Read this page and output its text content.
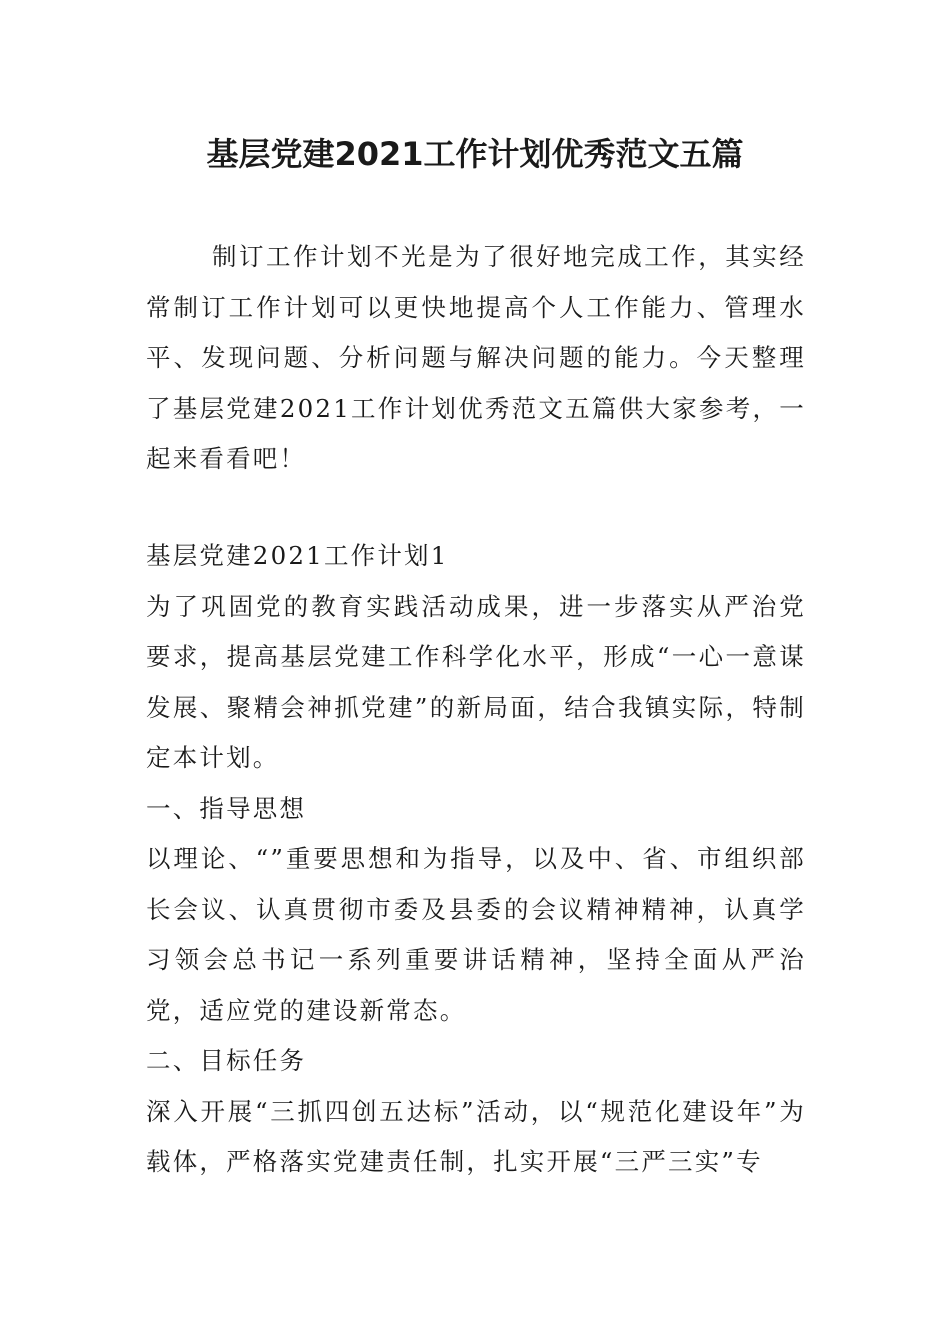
基层党建2021工作计划优秀范文五篇

制订工作计划不光是为了很好地完成工作，其实经常制订工作计划可以更快地提高个人工作能力、管理水平、发现问题、分析问题与解决问题的能力。今天整理了基层党建2021工作计划优秀范文五篇供大家参考，一起来看看吧！

基层党建2021工作计划1

为了巩固党的教育实践活动成果，进一步落实从严治党要求，提高基层党建工作科学化水平，形成“一心一意谋发展、聚精会神抓党建”的新局面，结合我镇实际，特制定本计划。

一、指导思想

以理论、“”重要思想和为指导，以及中、省、市组织部长会议、认真贯彻市委及县委的会议精神精神，认真学习领会总书记一系列重要讲话精神，坚持全面从严治党，适应党的建设新常态。

二、目标任务

深入开展“三抓四创五达标”活动，以“规范化建设年”为载体，严格落实党建责任制，扎实开展“三严三实”专
